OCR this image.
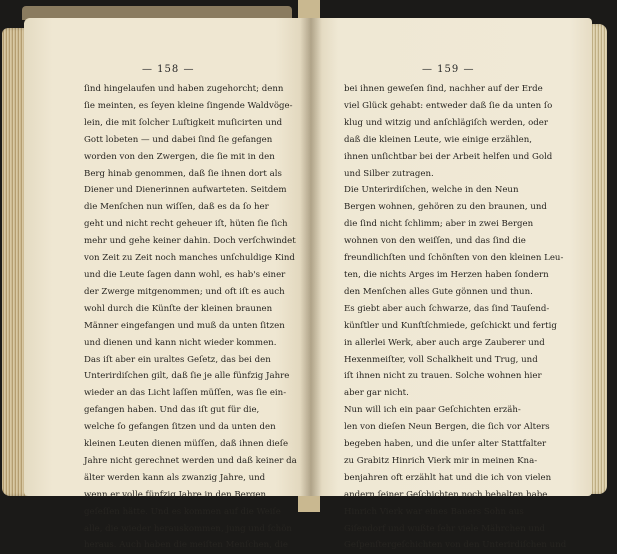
— 158 —
ſind hingelaufen und haben zugehorcht; denn
ſie meinten, es ſeyen kleine ſingende Waldvöge-
lein, die mit ſolcher Luſtigkeit muſicirten und
Gott lobeten — und dabei ſind ſie gefangen
worden von den Zwergen, die ſie mit in den
Berg hinab genommen, daß ſie ihnen dort als
Diener und Dienerinnen aufwarteten. Seitdem
die Menſchen nun wiſſen, daß es da ſo her
geht und nicht recht geheuer iſt, hüten ſie ſich
mehr und gehe keiner dahin. Doch verſchwindet
von Zeit zu Zeit noch manches unſchuldige Kind
und die Leute ſagen dann wohl, es hab's einer
der Zwerge mitgenommen; und oft iſt es auch
wohl durch die Künſte der kleinen braunen
Männer eingefangen und muß da unten ſitzen
und dienen und kann nicht wieder kommen.
Das iſt aber ein uraltes Geſetz, das bei den
Unterirdiſchen gilt, daß ſie je alle fünfzig Jahre
wieder an das Licht laſſen müſſen, was ſie ein-
gefangen haben. Und das iſt gut für die,
welche ſo gefangen ſitzen und da unten den
kleinen Leuten dienen müſſen, daß ihnen dieſe
Jahre nicht gerechnet werden und daß keiner da
älter werden kann als zwanzig Jahre, und
wenn er volle fünfzig Jahre in den Bergen
geſeſſen hätte. Und es kommen auf die Weiſe
alle, die wieder herauskommen, jung und ſchön
heraus. Auch haben die meiſten Menſchen, die
— 159 —
bei ihnen geweſen ſind, nachher auf der Erde
viel Glück gehabt: entweder daß ſie da unten ſo
klug und witzig und anſchlägiſch werden, oder
daß die kleinen Leute, wie einige erzählen,
ihnen unſichtbar bei der Arbeit helfen und Gold
und Silber zutragen.
Die Unterirdiſchen, welche in den Neun
Bergen wohnen, gehören zu den braunen, und
die ſind nicht ſchlimm; aber in zwei Bergen
wohnen von den weiſſen, und das ſind die
freundlichſten und ſchönſten von den kleinen Leu-
ten, die nichts Arges im Herzen haben ſondern
den Menſchen alles Gute gönnen und thun.
Es giebt aber auch ſchwarze, das ſind Tauſend-
künſtler und Kunſtſchmiede, geſchickt und fertig
in allerlei Werk, aber auch arge Zauberer und
Hexenmeiſter, voll Schalkheit und Trug, und
iſt ihnen nicht zu trauen. Solche wohnen hier
aber gar nicht.
Nun will ich ein paar Geſchichten erzäh-
len von dieſen Neun Bergen, die ſich vor Alters
begeben haben, und die unſer alter Stattfalter
zu Grabitz Hinrich Vierk mir in meinen Kna-
benjahren oft erzählt hat und die ich von vielen
andern ſeiner Geſchichten noch behalten habe.
Hinrich Vierk war eines Bauers Sohn aus
Giſendorf und wußte ſehr viele Mährchen und
Geſpenſtergeſchichten von den Unterirdiſchen und
